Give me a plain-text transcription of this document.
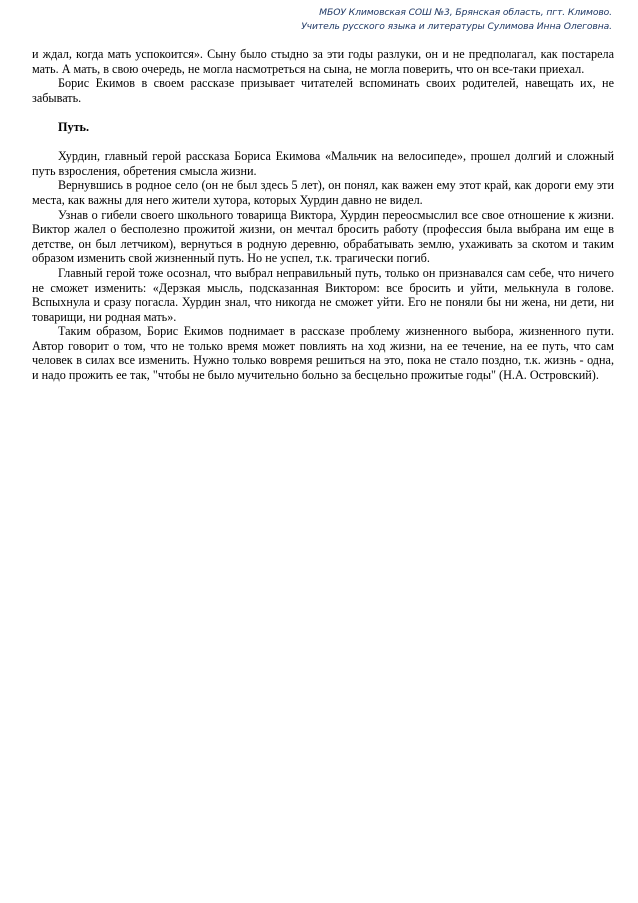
МБОУ Климовская СОШ №3, Брянская область, пгт. Климово.
Учитель русского языка и литературы Сулимова Инна Олеговна.

и ждал, когда мать успокоится». Сыну было стыдно за эти годы разлуки, он и не предполагал, как постарела мать. А мать, в свою очередь, не могла насмотреться на сына, не могла поверить, что он все-таки приехал.

Борис Екимов в своем рассказе призывает читателей вспоминать своих родителей, навещать их, не забывать.

Путь.

Хурдин, главный герой рассказа Бориса Екимова «Мальчик на велосипеде», прошел долгий и сложный путь взросления, обретения смысла жизни.

Вернувшись в родное село (он не был здесь 5 лет), он понял, как важен ему этот край, как дороги ему эти места, как важны для него жители хутора, которых Хурдин давно не видел.

Узнав о гибели своего школьного товарища Виктора, Хурдин переосмыслил все свое отношение к жизни. Виктор жалел о бесполезно прожитой жизни, он мечтал бросить работу (профессия была выбрана им еще в детстве, он был летчиком), вернуться в родную деревню, обрабатывать землю, ухаживать за скотом и таким образом изменить свой жизненный путь. Но не успел, т.к. трагически погиб.

Главный герой тоже осознал, что выбрал неправильный путь, только он признавался сам себе, что ничего не сможет изменить: «Дерзкая мысль, подсказанная Виктором: все бросить и уйти, мелькнула в голове. Вспыхнула и сразу погасла. Хурдин знал, что никогда не сможет уйти. Его не поняли бы ни жена, ни дети, ни товарищи, ни родная мать».

Таким образом, Борис Екимов поднимает в рассказе проблему жизненного выбора, жизненного пути. Автор говорит о том, что не только время может повлиять на ход жизни, на ее течение, на ее путь, что сам человек в силах все изменить. Нужно только вовремя решиться на это, пока не стало поздно, т.к. жизнь - одна, и надо прожить ее так, "чтобы не было мучительно больно за бесцельно прожитые годы" (Н.А. Островский).
